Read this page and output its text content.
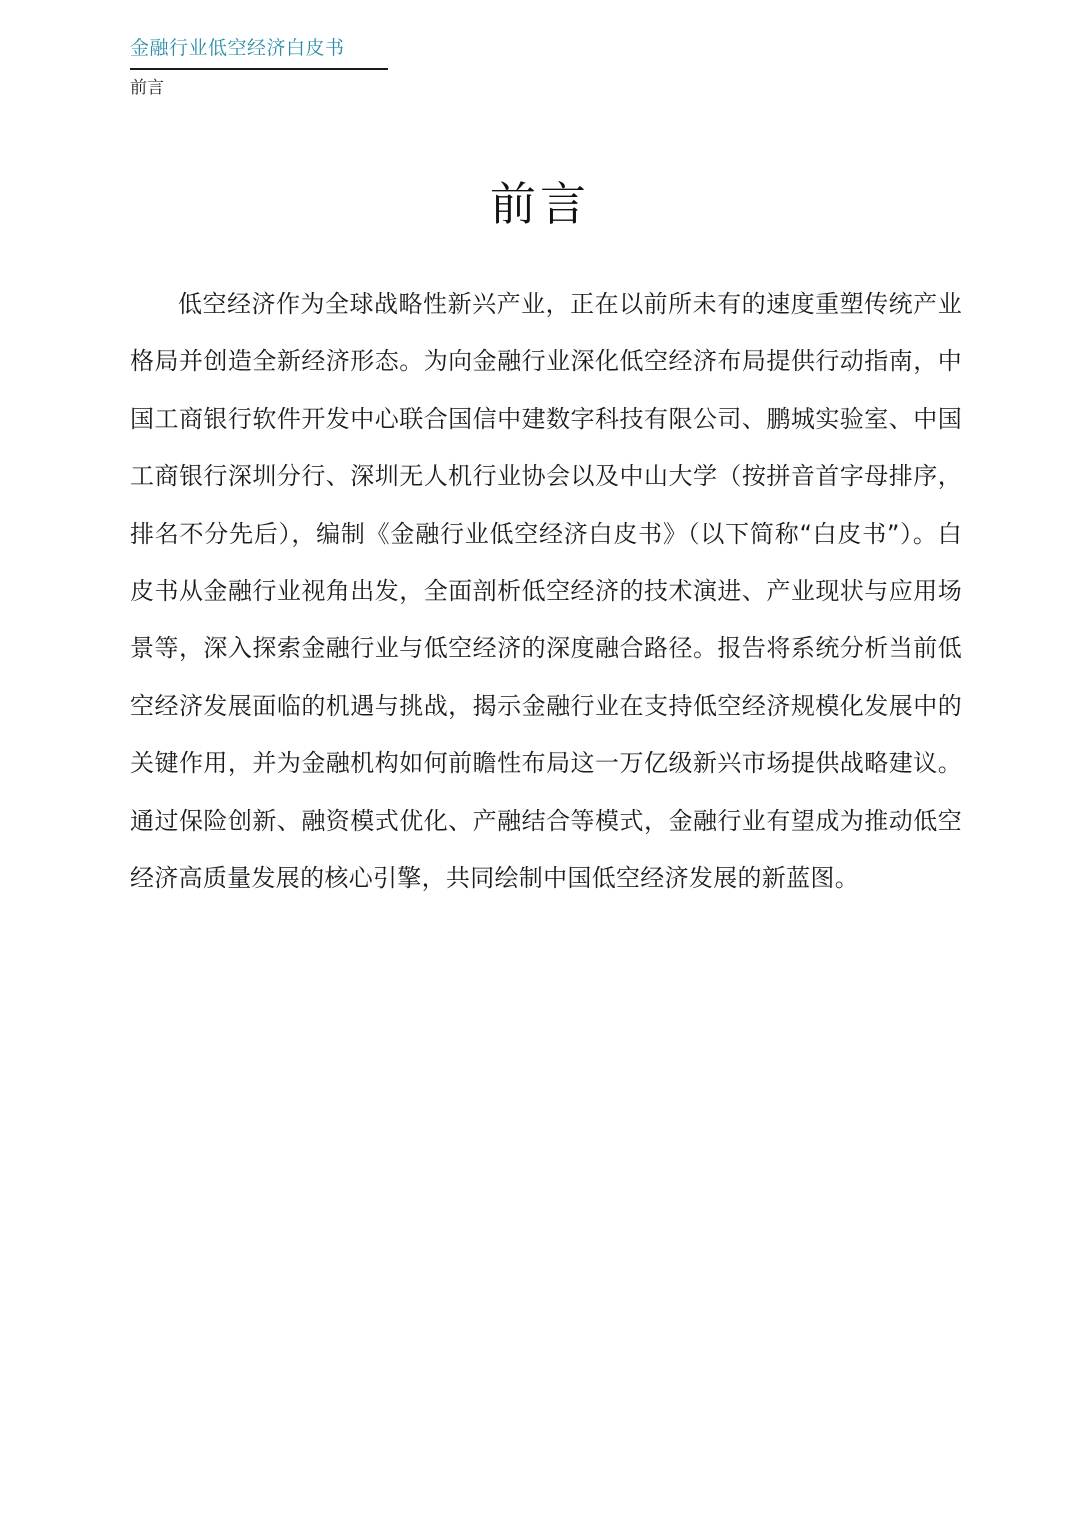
金融行业低空经济白皮书
前言
前言

低空经济作为全球战略性新兴产业，正在以前所未有的速度重塑传统产业格局并创造全新经济形态。为向金融行业深化低空经济布局提供行动指南，中国工商银行软件开发中心联合国信中建数字科技有限公司、鹏城实验室、中国工商银行深圳分行、深圳无人机行业协会以及中山大学（按拼音首字母排序，排名不分先后），编制《金融行业低空经济白皮书》（以下简称“白皮书”）。白皮书从金融行业视角出发，全面剖析低空经济的技术演进、产业现状与应用场景等，深入探索金融行业与低空经济的深度融合路径。报告将系统分析当前低空经济发展面临的机遇与挑战，揭示金融行业在支持低空经济规模化发展中的关键作用，并为金融机构如何前瞻性布局这一万亿级新兴市场提供战略建议。通过保险创新、融资模式优化、产融结合等模式，金融行业有望成为推动低空经济高质量发展的核心引擎，共同绘制中国低空经济发展的新蓝图。
